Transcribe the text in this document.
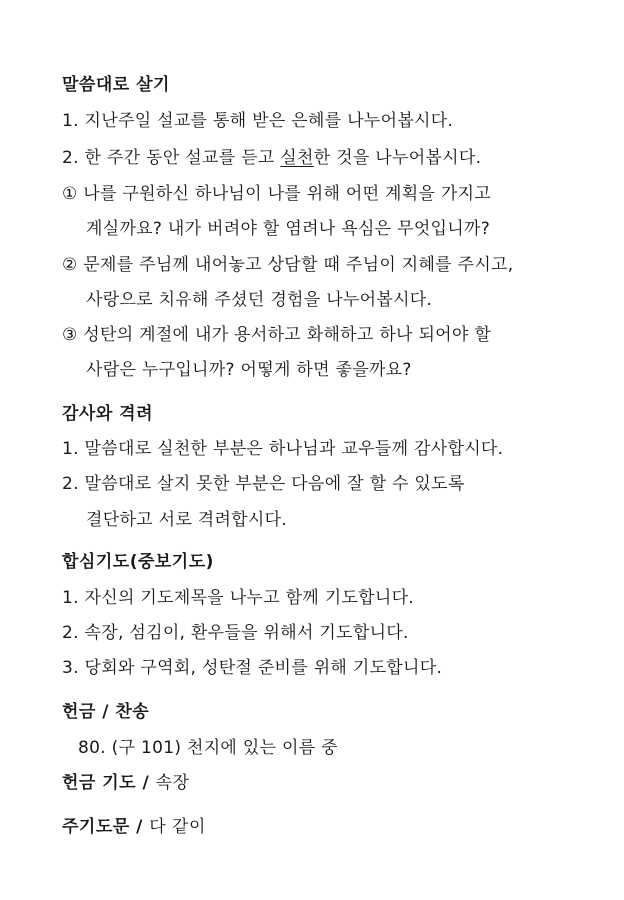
말씀대로 살기
1. 지난주일 설교를 통해 받은 은혜를 나누어봅시다.
2. 한 주간 동안 설교를 듣고 실천한 것을 나누어봅시다.
① 나를 구원하신 하나님이 나를 위해 어떤 계획을 가지고
계실까요? 내가 버려야 할 염려나 욕심은 무엇입니까?
② 문제를 주님께 내어놓고 상담할 때 주님이 지혜를 주시고,
사랑으로 치유해 주셨던 경험을 나누어봅시다.
③ 성탄의 계절에 내가 용서하고 화해하고 하나 되어야 할
사람은 누구입니까? 어떻게 하면 좋을까요?
감사와 격려
1. 말씀대로 실천한 부분은 하나님과 교우들께 감사합시다.
2. 말씀대로 살지 못한 부분은 다음에 잘 할 수 있도록
결단하고 서로 격려합시다.
합심기도(중보기도)
1. 자신의 기도제목을 나누고 함께 기도합니다.
2. 속장, 섬김이, 환우들을 위해서 기도합니다.
3. 당회와 구역회, 성탄절 준비를 위해 기도합니다.
헌금 / 찬송
80. (구 101) 천지에 있는 이름 중
헌금 기도 / 속장
주기도문 / 다 같이
